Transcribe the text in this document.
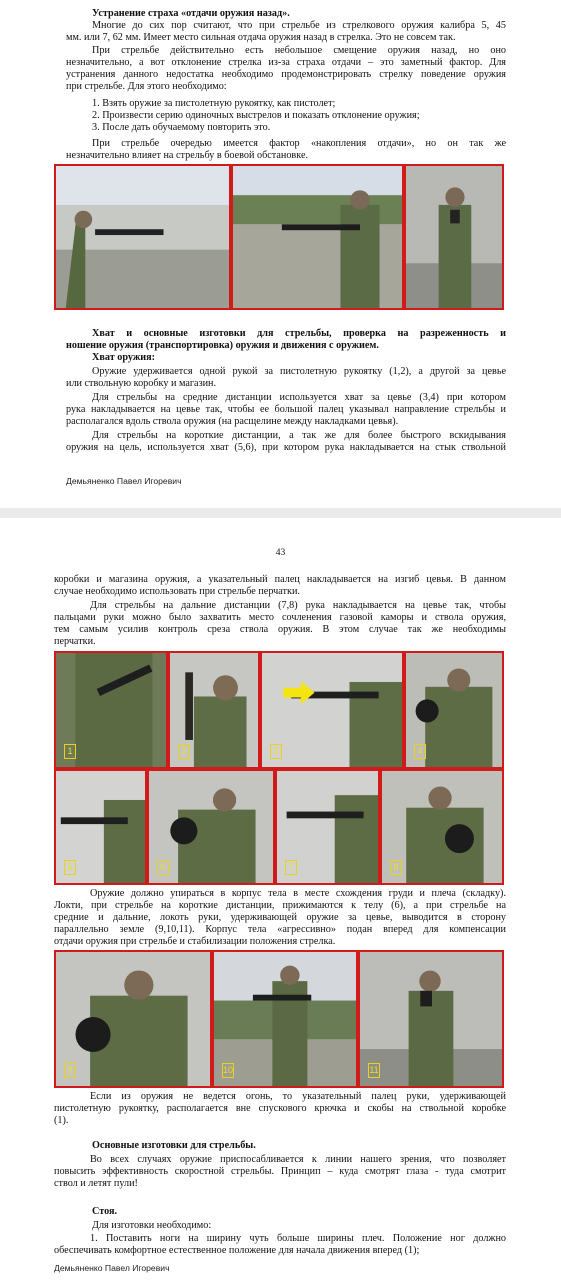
Устранение страха «отдачи оружия назад».

Многие до сих пор считают, что при стрельбе из стрелкового оружия калибра 5, 45

мм. или 7, 62 мм. Имеет место сильная отдача оружия назад в стрелка. Это не совсем так.

При стрельбе действительно есть небольшое смещение оружия назад, но оно

незначительно, а вот отклонение стрелка из-за страха отдачи – это заметный фактор. Для

устранения данного недостатка необходимо продемонстрировать стрелку поведение оружия

при стрельбе. Для этого необходимо:

1. Взять оружие за пистолетную рукоятку, как пистолет;

2. Произвести серию одиночных выстрелов и показать отклонение оружия;

3. После дать обучаемому повторить это.

При стрельбе очередью имеется фактор «накопления отдачи», но он так же

незначительно влияет на стрельбу в боевой обстановке.

Хват и основные изготовки для стрельбы, проверка на разреженность и

ношение оружия (транспортировка) оружия и движения с оружием.

Хват оружия:

Оружие удерживается одной рукой за пистолетную рукоятку (1,2), а другой за цевье

или ствольную коробку и магазин.

Для стрельбы на средние дистанции используется хват за цевье (3,4) при котором

рука накладывается на цевье так, чтобы ее большой палец указывал направление стрельбы и

располагался вдоль ствола оружия (на расщелине между накладками цевья).

Для стрельбы на короткие дистанции, а так же для более быстрого вскидывания

оружия на цель, используется хват (5,6), при котором рука накладывается на стык ствольной

Демьяненко Павел Игоревич
43

коробки и магазина оружия, а указательный палец накладывается на изгиб цевья. В данном

случае необходимо использовать при стрельбе перчатки.

Для стрельбы на дальние дистанции (7,8) рука накладывается на цевье так, чтобы

пальцами руки можно было захватить место сочленения газовой каморы и ствола оружия,

тем самым усилив контроль среза ствола оружия. В этом случае так же необходимы

перчатки.

1	2	3	4
5	6	7	8

Оружие должно упираться в корпус тела в месте схождения груди и плеча (складку).

Локти, при стрельбе на короткие дистанции, прижимаются к телу (6), а при стрельбе на

средние и дальние, локоть руки, удерживающей оружие за цевье, выводится в сторону

параллельно земле (9,10,11). Корпус тела «агрессивно» подан вперед для компенсации

отдачи оружия при стрельбе и стабилизации положения стрелка.

9	10	11

Если из оружия не ведется огонь, то указательный палец руки, удерживающей

пистолетную рукоятку, располагается вне спускового крючка и скобы на ствольной коробке

(1).

Основные изготовки для стрельбы.

Во всех случаях оружие приспосабливается к линии нашего зрения, что позволяет

повысить эффективность скоростной стрельбы. Принцип – куда смотрят глаза - туда смотрит

ствол и летят пули!

Стоя.

Для изготовки необходимо:

1. Поставить ноги на ширину чуть больше ширины плеч. Положение ног должно

обеспечивать комфортное естественное положение для начала движения вперед (1);

Демьяненко Павел Игоревич
